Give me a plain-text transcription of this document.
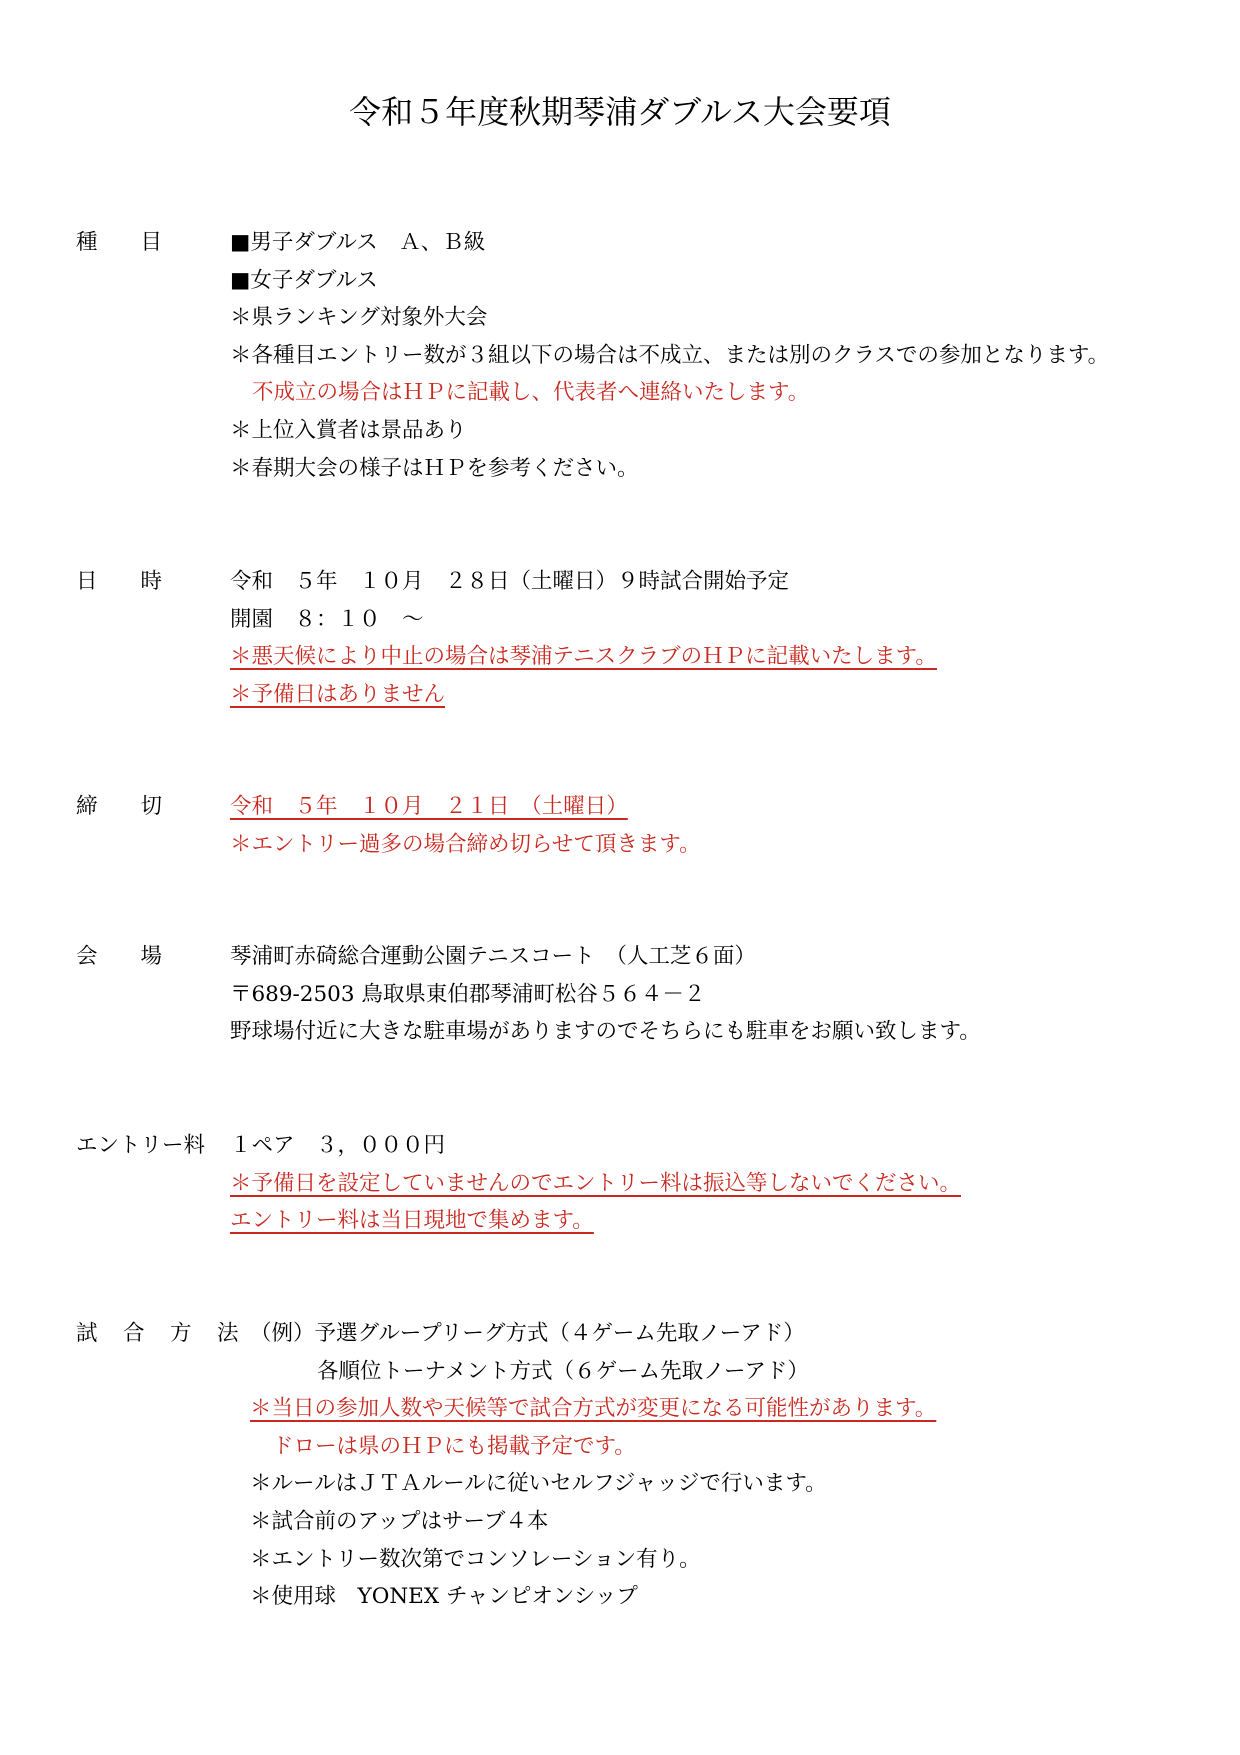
令和５年度秋期琴浦ダブルス大会要項
種　　目	■男子ダブルス　Ａ、Ｂ級
■女子ダブルス
＊県ランキング対象外大会
＊各種目エントリー数が３組以下の場合は不成立、または別のクラスでの参加となります。
不成立の場合はＨＰに記載し、代表者へ連絡いたします。
＊上位入賞者は景品あり
＊春期大会の様子はＨＰを参考ください。
日　　時	令和　５年　１０月　２８日（土曜日）９時試合開始予定
開園　８：１０　～
＊悪天候により中止の場合は琴浦テニスクラブのＨＰに記載いたします。
＊予備日はありません
締　　切	令和　５年　１０月　２１日　（土曜日）
＊エントリー過多の場合締め切らせて頂きます。
会　　場	琴浦町赤碕総合運動公園テニスコート　（人工芝６面）
〒689-2503 鳥取県東伯郡琴浦町松谷５６４－２
野球場付近に大きな駐車場がありますのでそちらにも駐車をお願い致します。
エントリー料	１ペア　３，０００円
＊予備日を設定していませんのでエントリー料は振込等しないでください。
エントリー料は当日現地で集めます。
試　合　方　法 （例）予選グループリーグ方式（４ゲーム先取ノーアド）
各順位トーナメント方式（６ゲーム先取ノーアド）
＊当日の参加人数や天候等で試合方式が変更になる可能性があります。
ドローは県のＨＰにも掲載予定です。
＊ルールはＪＴＡルールに従いセルフジャッジで行います。
＊試合前のアップはサーブ４本
＊エントリー数次第でコンソレーション有り。
＊使用球　YONEX チャンピオンシップ
